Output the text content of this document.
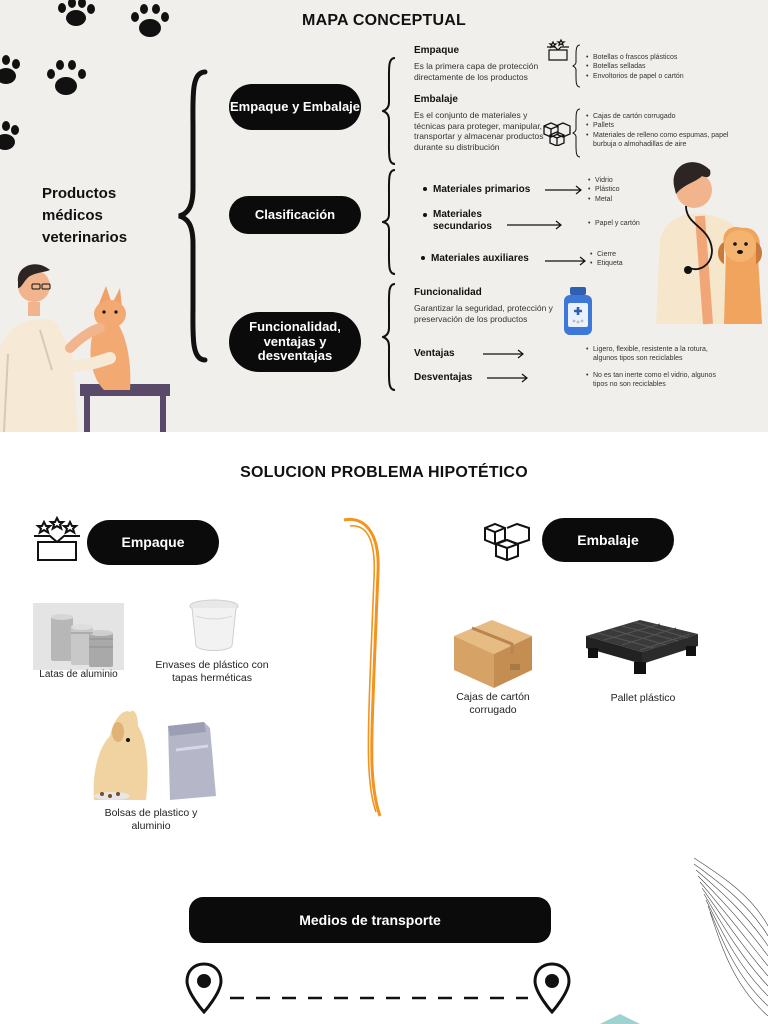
MAPA CONCEPTUAL
Productos médicos veterinarios
Empaque y Embalaje
Clasificación
Funcionalidad, ventajas y desventajas
Empaque
Es la primera capa de protección directamente de los productos
• Botellas o frascos plásticos
• Botellas selladas
• Envoltorios de papel o cartón
Embalaje
Es el conjunto de materiales y técnicas para proteger, manipular, transportar y almacenar productos durante su distribución
• Cajas de cartón corrugado
• Pallets
• Materiales de relleno como espumas, papel burbuja o almohadillas de aire
Materiales primarios
• Vidrio
• Plástico
• Metal
Materiales secundarios	• Papel y cartón
Materiales auxiliares	• Cierre
• Etiqueta
Funcionalidad
Garantizar la seguridad, protección y preservación de los productos
Ventajas	• Ligero, flexible, resistente a la rotura, algunos tipos son reciclables
Desventajas	• No es tan inerte como el vidrio, algunos tipos no son reciclables
SOLUCION PROBLEMA HIPOTÉTICO
Empaque	Embalaje
Latas de aluminio
Envases de plástico con tapas herméticas
Bolsas de plastico y aluminio
Cajas de cartón corrugado
Pallet plástico
Medios de transporte
